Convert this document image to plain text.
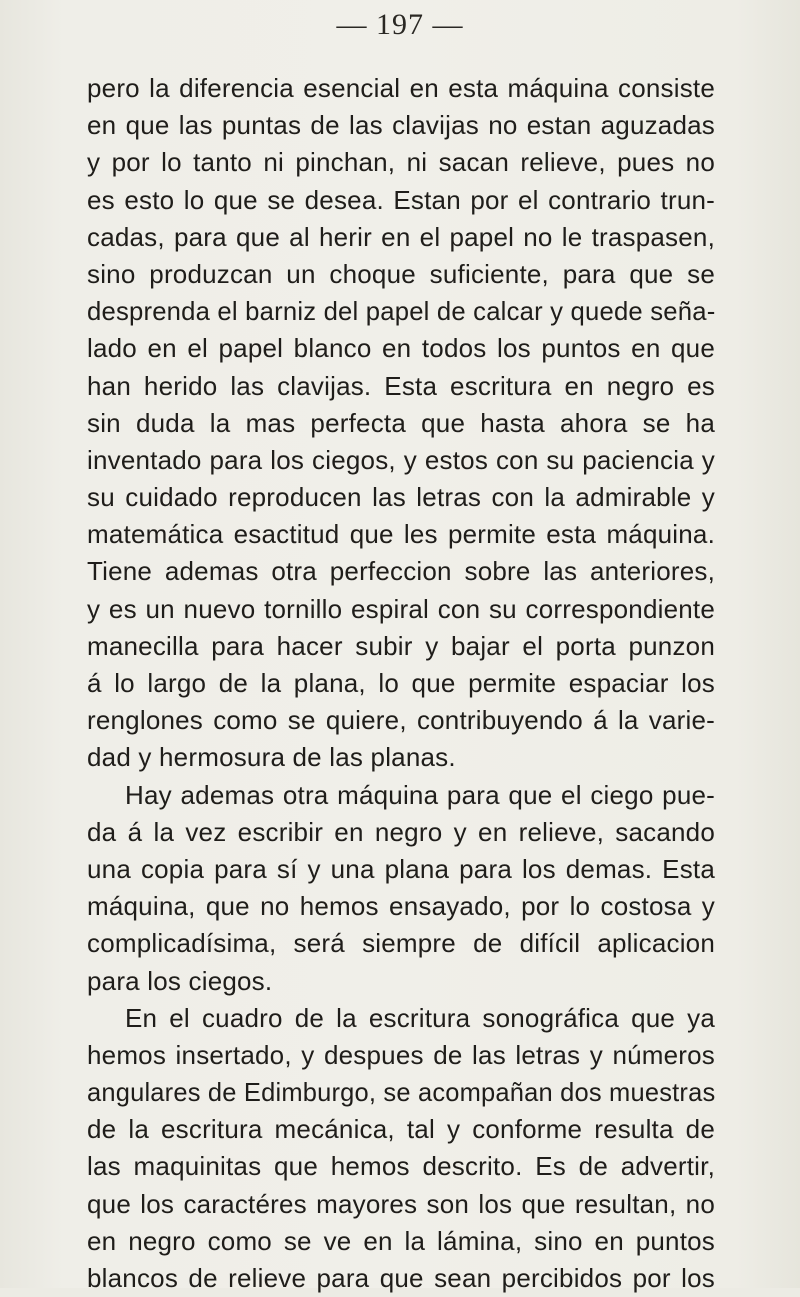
— 197 —
pero la diferencia esencial en esta máquina consiste
en que las puntas de las clavijas no estan aguzadas
y por lo tanto ni pinchan, ni sacan relieve, pues no
es esto lo que se desea. Estan por el contrario trun-
cadas, para que al herir en el papel no le traspasen,
sino produzcan un choque suficiente, para que se
desprenda el barniz del papel de calcar y quede seña-
lado en el papel blanco en todos los puntos en que
han herido las clavijas. Esta escritura en negro es
sin duda la mas perfecta que hasta ahora se ha
inventado para los ciegos, y estos con su paciencia y
su cuidado reproducen las letras con la admirable y
matemática esactitud que les permite esta máquina.
Tiene ademas otra perfeccion sobre las anteriores,
y es un nuevo tornillo espiral con su correspondiente
manecilla para hacer subir y bajar el porta punzon
á lo largo de la plana, lo que permite espaciar los
renglones como se quiere, contribuyendo á la varie-
dad y hermosura de las planas.
Hay ademas otra máquina para que el ciego pue-
da á la vez escribir en negro y en relieve, sacando
una copia para sí y una plana para los demas. Esta
máquina, que no hemos ensayado, por lo costosa y
complicadísima, será siempre de difícil aplicacion
para los ciegos.
En el cuadro de la escritura sonográfica que ya
hemos insertado, y despues de las letras y números
angulares de Edimburgo, se acompañan dos muestras
de la escritura mecánica, tal y conforme resulta de
las maquinitas que hemos descrito. Es de advertir,
que los caractéres mayores son los que resultan, no
en negro como se ve en la lámina, sino en puntos
blancos de relieve para que sean percibidos por los
